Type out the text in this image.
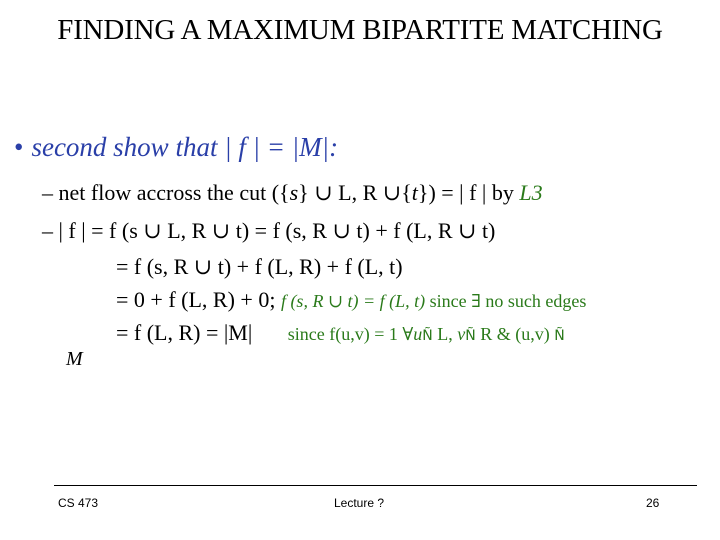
FINDING A MAXIMUM BIPARTITE MATCHING
• second show that | f | = |M|:
– net flow accross the cut ({s} ∪ L, R ∪{t}) = | f | by L3
– | f | = f (s ∪ L, R ∪ t) = f (s, R ∪ t) + f (L, R ∪ t)
= f (s, R ∪ t) + f (L, R) + f (L, t)
= 0 + f (L, R) + 0; f (s, R ∪ t) = f (L, t) since ∃ no such edges
= f (L, R) = |M| since f(u,v) = 1 ∀uÑ L, vÑ R & (u,v) Ñ
M
CS 473	Lecture ?	26
